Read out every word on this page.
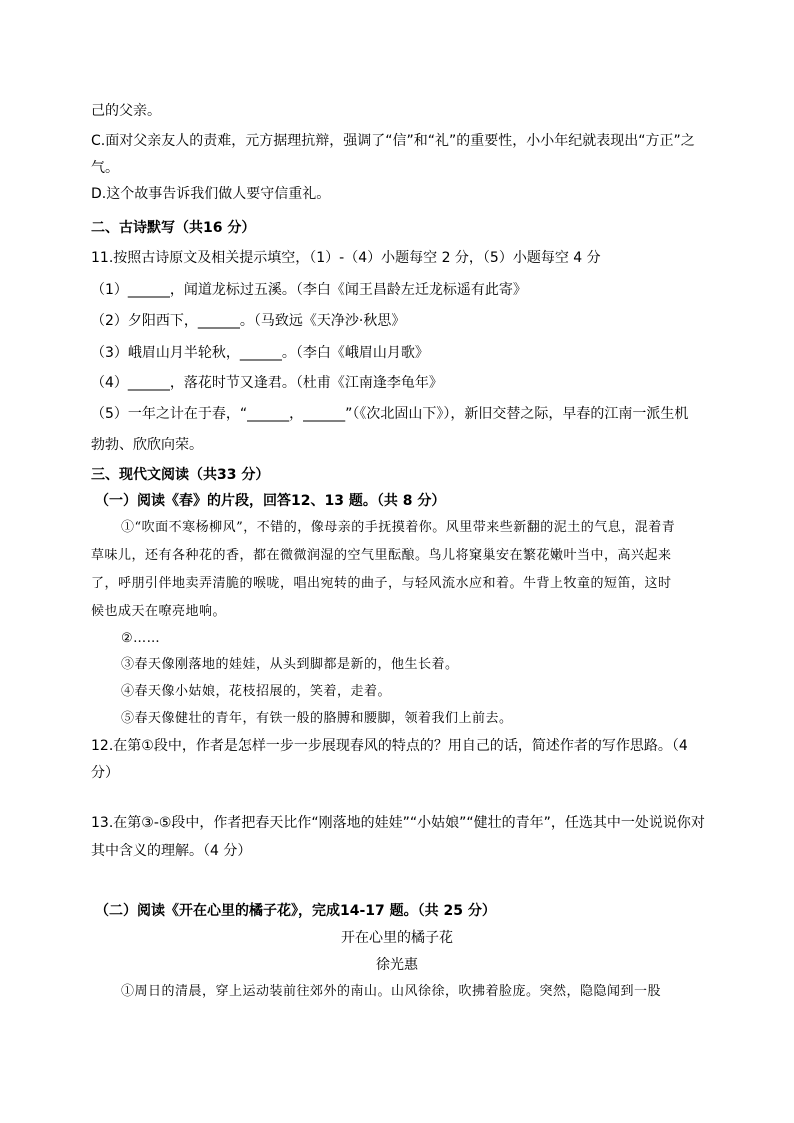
己的父亲。
C.面对父亲友人的责难，元方据理抗辩，强调了“信”和“礼”的重要性，小小年纪就表现出“方正”之
气。
D.这个故事告诉我们做人要守信重礼。
二、古诗默写（共16 分）
11.按照古诗原文及相关提示填空，（1）-（4）小题每空 2 分，（5）小题每空 4 分
（1）______，闻道龙标过五溪。（李白《闻王昌龄左迁龙标遥有此寄》
（2）夕阳西下，______。（马致远《天净沙·秋思》
（3）峨眉山月半轮秋，______。（李白《峨眉山月歌》
（4）______，落花时节又逢君。（杜甫《江南逢李龟年》
（5）一年之计在于春，“______，______”（《次北固山下》），新旧交替之际，早春的江南一派生机
勃勃、欣欣向荣。
三、现代文阅读（共33 分）
（一）阅读《春》的片段，回答12、13 题。（共 8 分）
①“吹面不寒杨柳风”，不错的，像母亲的手抚摸着你。风里带来些新翻的泥土的气息，混着青
草味儿，还有各种花的香，都在微微润湿的空气里酝酿。鸟儿将窠巢安在繁花嫩叶当中，高兴起来
了，呼朋引伴地卖弄清脆的喉咙，唱出宛转的曲子，与轻风流水应和着。牛背上牧童的短笛，这时
候也成天在嘹亮地响。
②……
③春天像刚落地的娃娃，从头到脚都是新的，他生长着。
④春天像小姑娘，花枝招展的，笑着，走着。
⑤春天像健壮的青年，有铁一般的胳膊和腰脚，领着我们上前去。
12.在第①段中，作者是怎样一步一步展现春风的特点的？用自己的话，简述作者的写作思路。（4
分）
13.在第③-⑤段中，作者把春天比作“刚落地的娃娃”“小姑娘”“健壮的青年”，任选其中一处说说你对
其中含义的理解。（4 分）
（二）阅读《开在心里的橘子花》，完成14-17 题。（共 25 分）
开在心里的橘子花
徐光惠
①周日的清晨，穿上运动装前往郊外的南山。山风徐徐，吹拂着脸庞。突然，隐隐闻到一股
